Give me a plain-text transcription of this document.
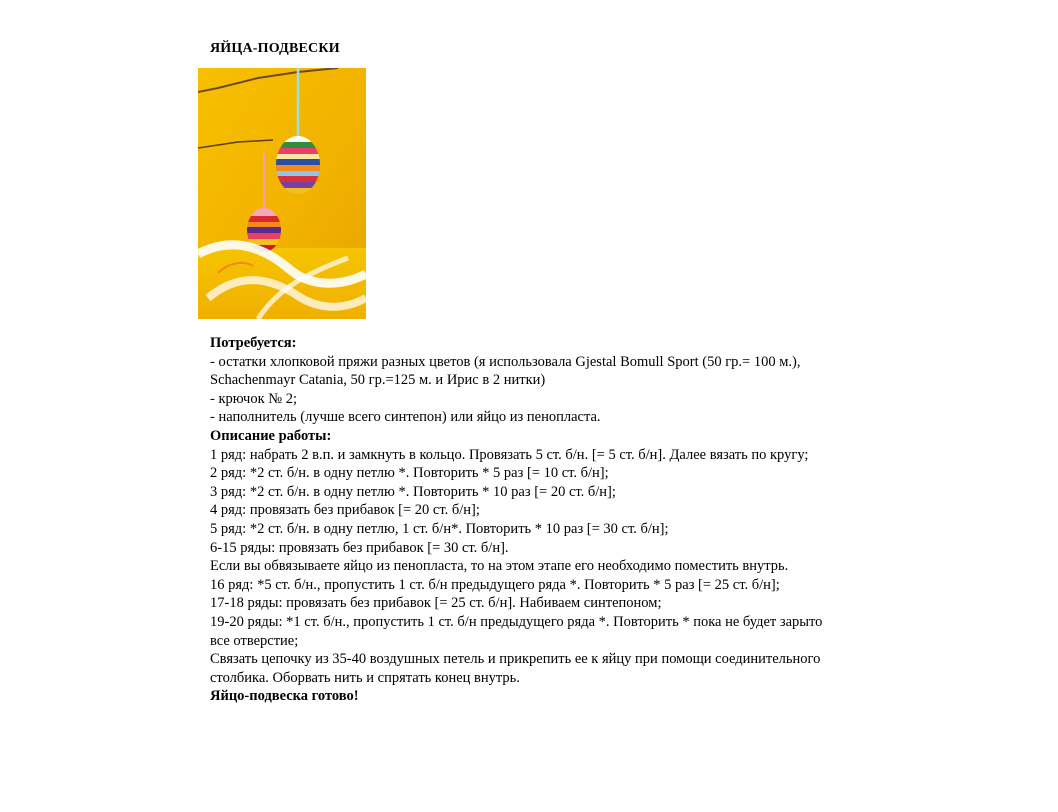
ЯЙЦА-ПОДВЕСКИ

Потребуется:

- остатки хлопковой пряжи разных цветов (я использовала Gjestal Bomull Sport (50 гр.= 100 м.), Schachenmayr Catania, 50 гр.=125 м. и Ирис в 2 нитки)

- крючок № 2;

- наполнитель (лучше всего синтепон) или яйцо из пенопласта.

Описание работы:

1 ряд: набрать 2 в.п. и замкнуть в кольцо. Провязать 5 ст. б/н. [= 5 ст. б/н]. Далее вязать по кругу;

2 ряд: *2 ст. б/н. в одну петлю *. Повторить * 5 раз [= 10 ст. б/н];

3 ряд: *2 ст. б/н. в одну петлю *. Повторить * 10 раз [= 20 ст. б/н];

4 ряд: провязать без прибавок [= 20 ст. б/н];

5 ряд: *2 ст. б/н. в одну петлю, 1 ст. б/н*. Повторить * 10 раз [= 30 ст. б/н];

6-15 ряды: провязать без прибавок [= 30 ст. б/н].

Если вы обвязываете яйцо из пенопласта, то на этом этапе его необходимо поместить внутрь.

16 ряд: *5 ст. б/н., пропустить 1 ст. б/н предыдущего ряда *. Повторить * 5 раз [= 25 ст. б/н];

17-18 ряды: провязать без прибавок [= 25 ст. б/н]. Набиваем синтепоном;

19-20 ряды: *1 ст. б/н., пропустить 1 ст. б/н предыдущего ряда *. Повторить * пока не будет зарыто все отверстие;

Связать цепочку из 35-40 воздушных петель и прикрепить ее к яйцу при помощи соединительного столбика. Оборвать нить и спрятать конец внутрь.

Яйцо-подвеска готово!
